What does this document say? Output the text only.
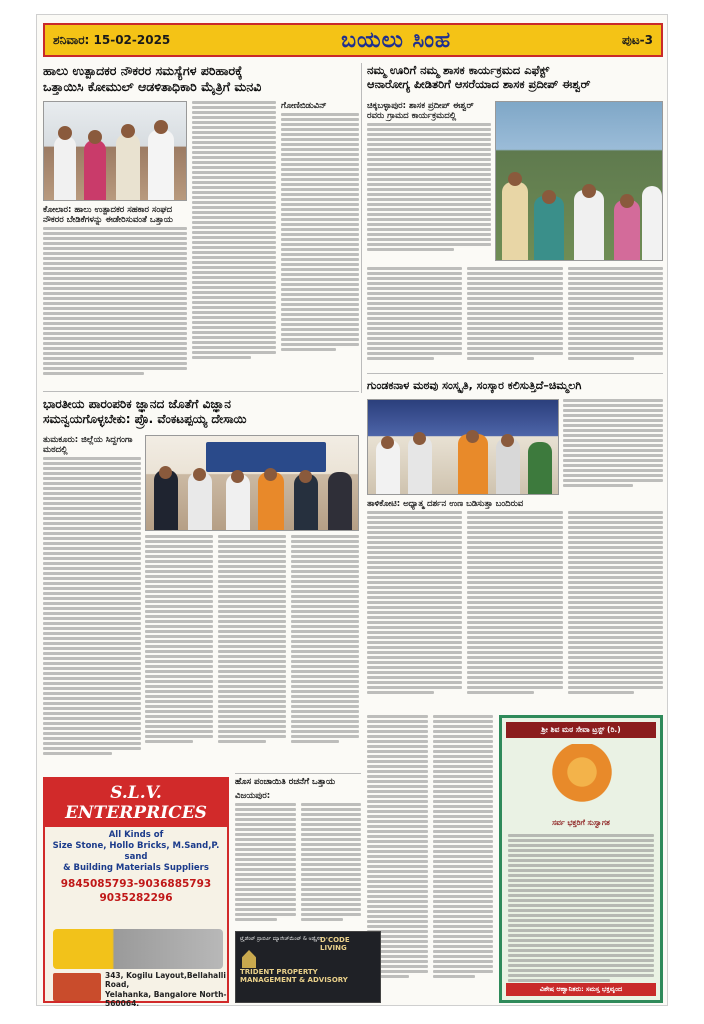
ಶನಿವಾರ: 15-02-2025	ಬಯಲು ಸಿಂಹ	ಪುಟ-3
ಹಾಲು ಉತ್ಪಾದಕರ ನೌಕರರ ಸಮಸ್ಯೆಗಳ ಪರಿಹಾರಕ್ಕೆ
ಒತ್ತಾಯಿಸಿ ಕೋಮುಲ್ ಆಡಳಿತಾಧಿಕಾರಿ ಮೈತ್ರಿಗೆ ಮನವಿ
ಕೋಲಾರ: ಹಾಲು ಉತ್ಪಾದಕರ ಸಹಕಾರ ಸಂಘದ ನೌಕರರ ಬೇಡಿಕೆಗಳನ್ನು ಈಡೇರಿಸುವಂತೆ ಒತ್ತಾಯ
ಗೋಣಿಬಿಡುವಿನ್
ನಮ್ಮ ಊರಿಗೆ ನಮ್ಮ ಶಾಸಕ ಕಾರ್ಯಕ್ರಮದ ಎಫೆಕ್ಟ್
ಆನಾರೋಗ್ಯ ಪೀಡಿತರಿಗೆ ಆಸರೆಯಾದ ಶಾಸಕ ಪ್ರದೀಪ್ ಈಶ್ವರ್
ಚಿಕ್ಕಬಳ್ಳಾಪುರ: ಶಾಸಕ ಪ್ರದೀಪ್ ಈಶ್ವರ್ ರವರು ಗ್ರಾಮದ ಕಾರ್ಯಕ್ರಮದಲ್ಲಿ
ಗುಂಡಕನಾಳ ಮಠವು ಸಂಸ್ಕೃತಿ, ಸಂಸ್ಕಾರ ಕಲಿಸುತ್ತಿದೆ–ಚಿಮ್ಮಲಗಿ
ತಾಳಿಕೋಟಿ: ಅಧ್ಯಾತ್ಮ ದರ್ಶನ ಉಣ ಬಡಿಸುತ್ತಾ ಬಂದಿರುವ
ಭಾರತೀಯ ಪಾರಂಪರಿಕ ಜ್ಞಾನದ ಜೊತೆಗೆ ವಿಜ್ಞಾನ
ಸಮನ್ವಯಗೊಳ್ಳಬೇಕು: ಪ್ರೊ. ವೆಂಕಟಪ್ಪಯ್ಯ ದೇಸಾಯಿ
ತುಮಕೂರು: ಜಿಲ್ಲೆಯ ಸಿದ್ದಗಂಗಾ ಮಠದಲ್ಲಿ
ಹೊಸ ಪಂಚಾಯಿತಿ ರಚನೆಗೆ ಒತ್ತಾಯ
ವಿಜಯಪುರ:
S.L.V. ENTERPRICES
All Kinds of
Size Stone, Hollo Bricks, M.Sand,P. sand
& Building Materials Suppliers
9845085793-9036885793
9035282296
343, Kogilu Layout,Bellahalli Road,
Yelahanka, Bangalore North-560064.
ಟ್ರೈಡೆಂಟ್ ಪ್ರಾಪರ್ಟಿ ಮ್ಯಾನೇಜ್‌ಮೆಂಟ್ & ಅಡ್ವೈಸರಿ
D'CODE LIVING
TRIDENT PROPERTY MANAGEMENT & ADVISORY
ಶ್ರೀ ಶಿವ ಮಠ ಸೇವಾ ಟ್ರಸ್ಟ್ (ರಿ.)
ಸರ್ವ ಭಕ್ತರಿಗೆ ಸುಸ್ವಾಗತ
ವಿಶೇಷ ಆಹ್ವಾನಿತರು: ಸಮಸ್ತ ಭಕ್ತವೃಂದ
